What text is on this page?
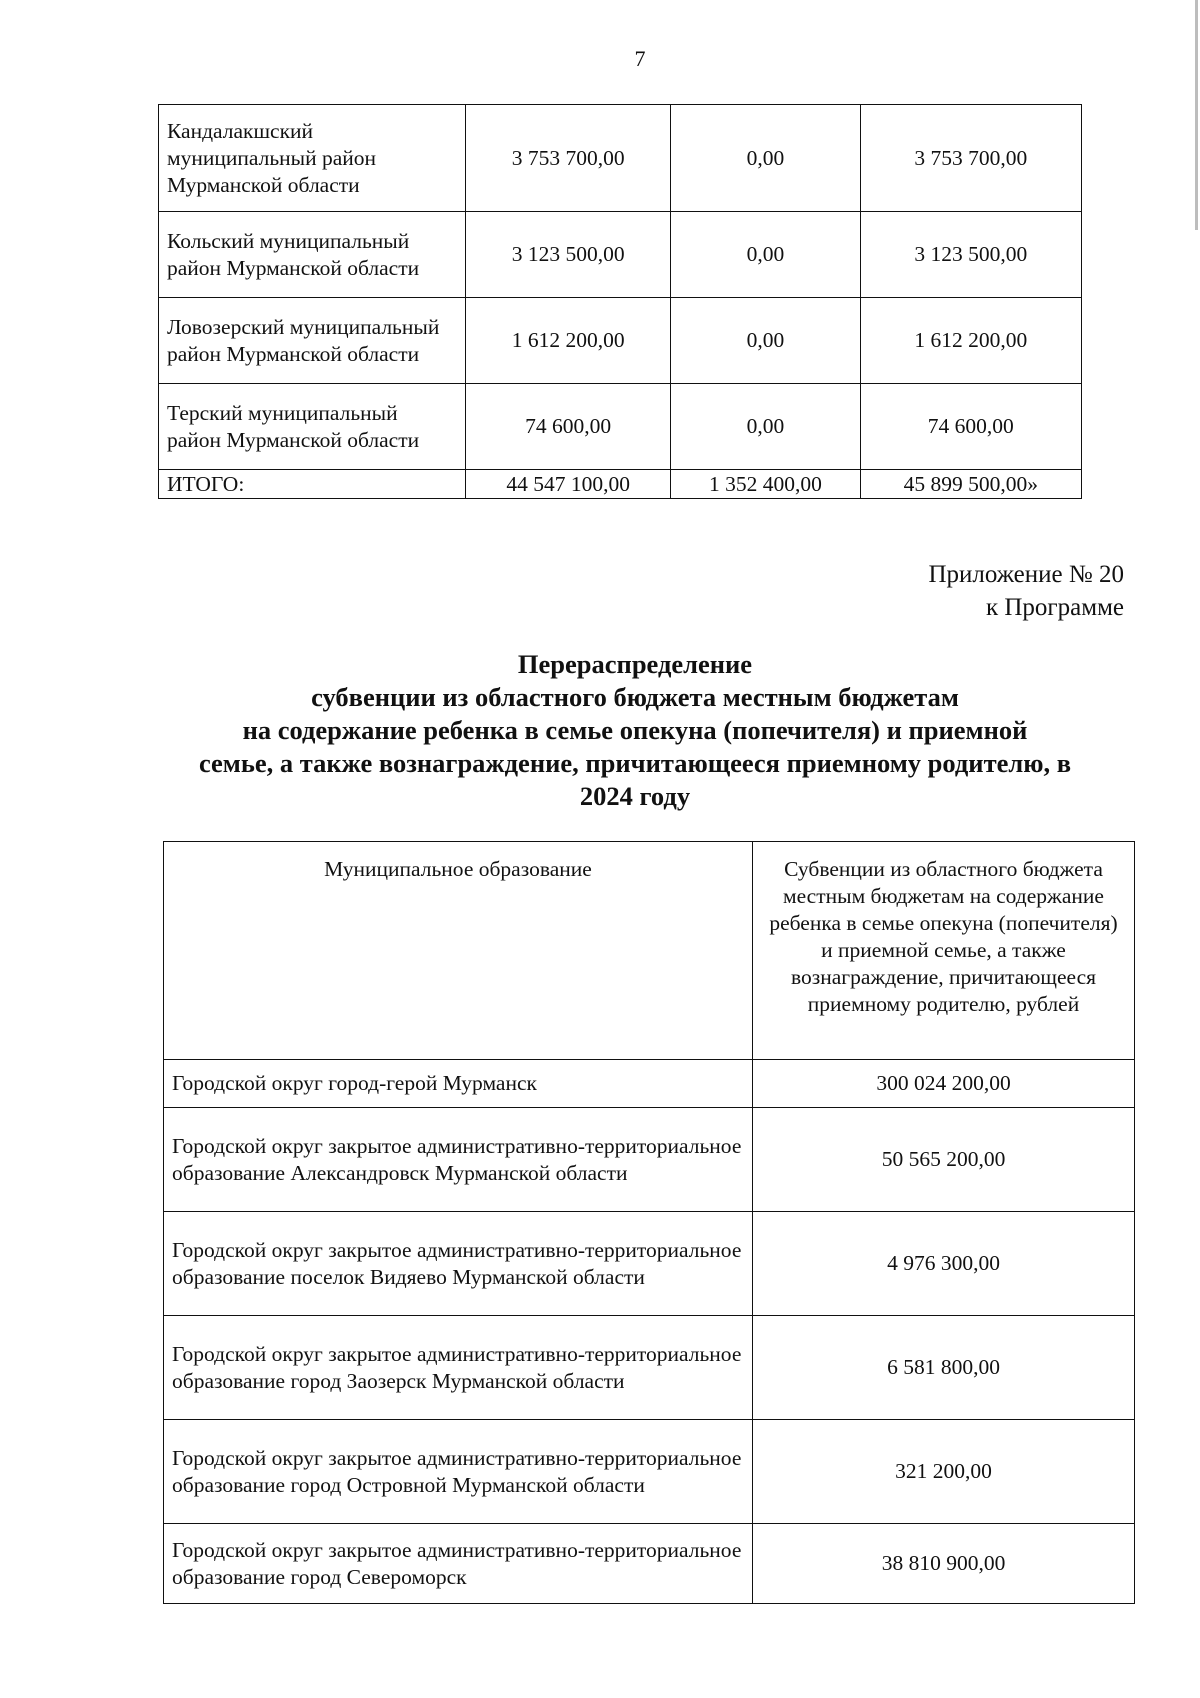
7
Кандалакшский муниципальный район Мурманской области	3 753 700,00	0,00	3 753 700,00
Кольский муниципальный район Мурманской области	3 123 500,00	0,00	3 123 500,00
Ловозерский муниципальный район Мурманской области	1 612 200,00	0,00	1 612 200,00
Терский муниципальный район Мурманской области	74 600,00	0,00	74 600,00
ИТОГО:	44 547 100,00	1 352 400,00	45 899 500,00»
Приложение № 20
к Программе
Перераспределение
субвенции из областного бюджета местным бюджетам
на содержание ребенка в семье опекуна (попечителя) и приемной
семье, а также вознаграждение, причитающееся приемному родителю, в
2024 году
Муниципальное образование	Субвенции из областного бюджета местным бюджетам на содержание ребенка в семье опекуна (попечителя) и приемной семье, а также вознаграждение, причитающееся приемному родителю, рублей
Городской округ город-герой Мурманск	300 024 200,00
Городской округ закрытое административно-территориальное образование Александровск Мурманской области	50 565 200,00
Городской округ закрытое административно-территориальное образование поселок Видяево Мурманской области	4 976 300,00
Городской округ закрытое административно-территориальное образование город Заозерск Мурманской области	6 581 800,00
Городской округ закрытое административно-территориальное образование город Островной Мурманской области	321 200,00
Городской округ закрытое административно-территориальное образование город Североморск	38 810 900,00
